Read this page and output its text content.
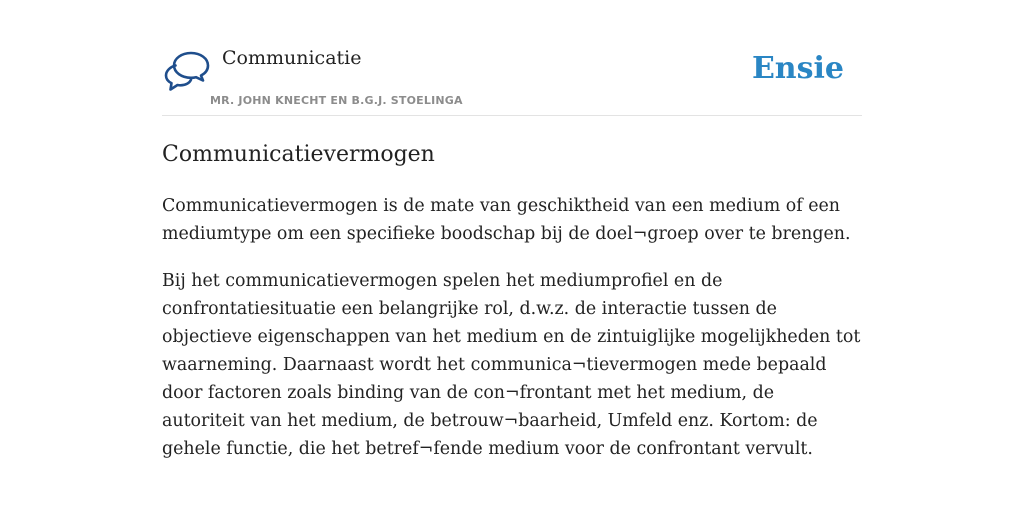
Communicatie
MR. JOHN KNECHT EN B.G.J. STOELINGA
Ensie
Communicatievermogen

Communicatievermogen is de mate van geschiktheid van een medium of een mediumtype om een specifieke boodschap bij de doel¬groep over te brengen.

Bij het communicatievermogen spelen het mediumprofiel en de confrontatiesituatie een belangrijke rol, d.w.z. de interactie tussen de objectieve eigenschappen van het medium en de zintuiglijke mogelijkheden tot waarneming. Daarnaast wordt het communica¬tievermogen mede bepaald door factoren zoals binding van de con¬frontant met het medium, de autoriteit van het medium, de betrouw¬baarheid, Umfeld enz. Kortom: de gehele functie, die het betref¬fende medium voor de confrontant vervult.
